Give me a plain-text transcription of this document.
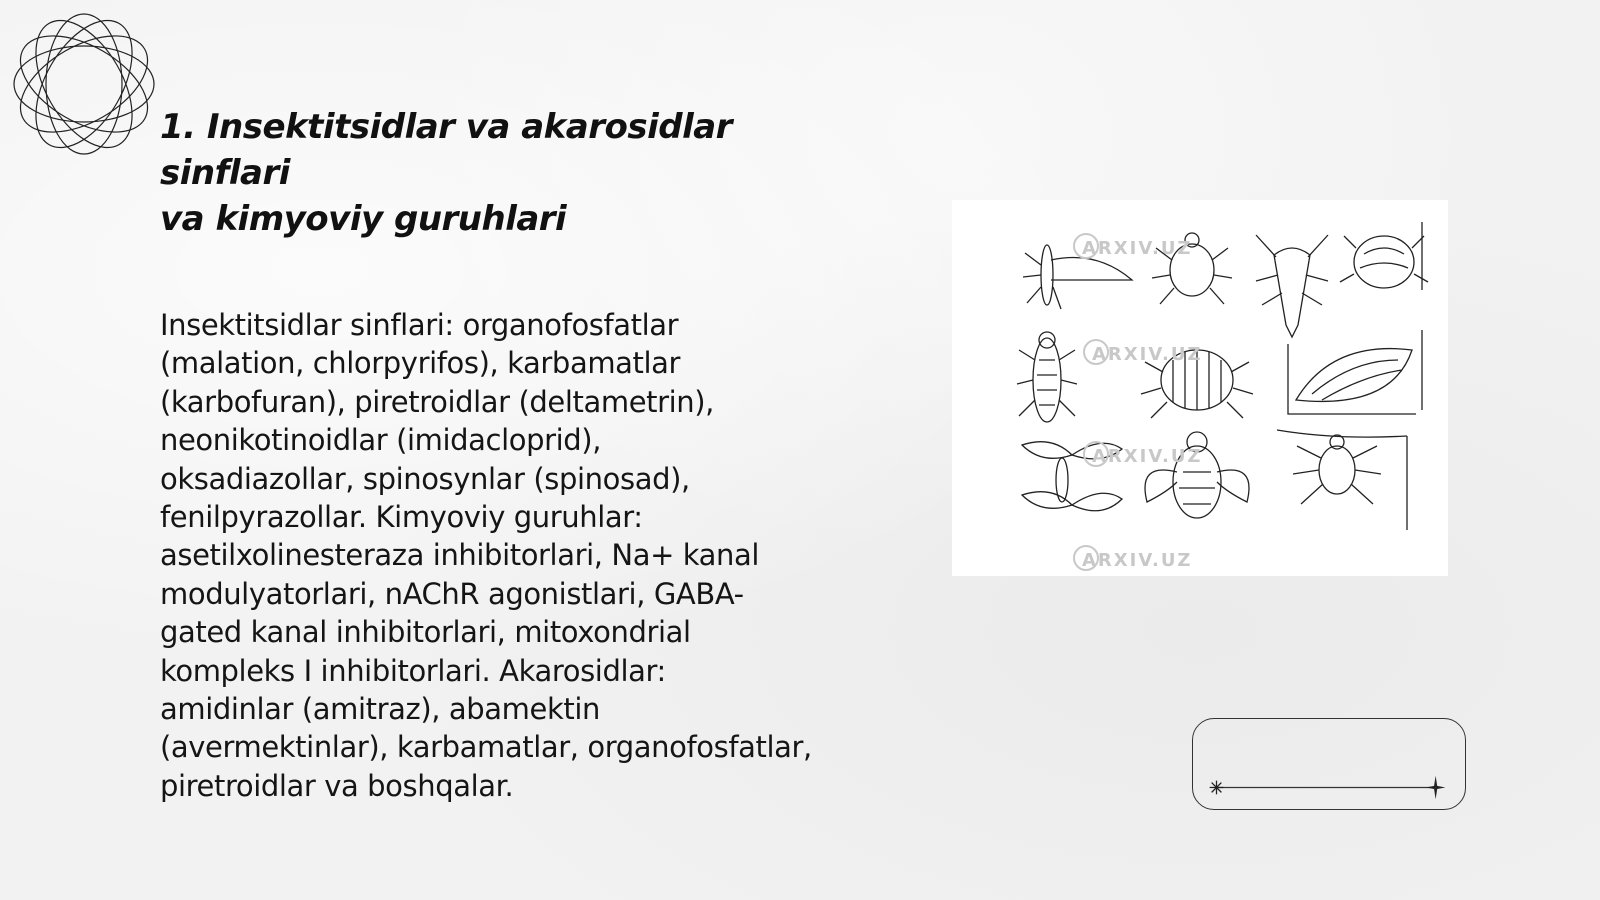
1. Insektitsidlar va akarosidlar sinflari
va kimyoviy guruhlari
Insektitsidlar sinflari: organofosfatlar
(malation, chlorpyrifos), karbamatlar
(karbofuran), piretroidlar (deltametrin),
neonikotinoidlar (imidacloprid),
oksadiazollar, spinosynlar (spinosad),
fenilpyrazollar. Kimyoviy guruhlar:
asetilxolinesteraza inhibitorlari, Na+ kanal
modulyatorlari, nAChR agonistlari, GABA-
gated kanal inhibitorlari, mitoxondrial
kompleks I inhibitorlari. Akarosidlar:
amidinlar (amitraz), abamektin
(avermektinlar), karbamatlar, organofosfatlar,
piretroidlar va boshqalar.
ARXIV.UZ
ARXIV.UZ
ARXIV.UZ
ARXIV.UZ
